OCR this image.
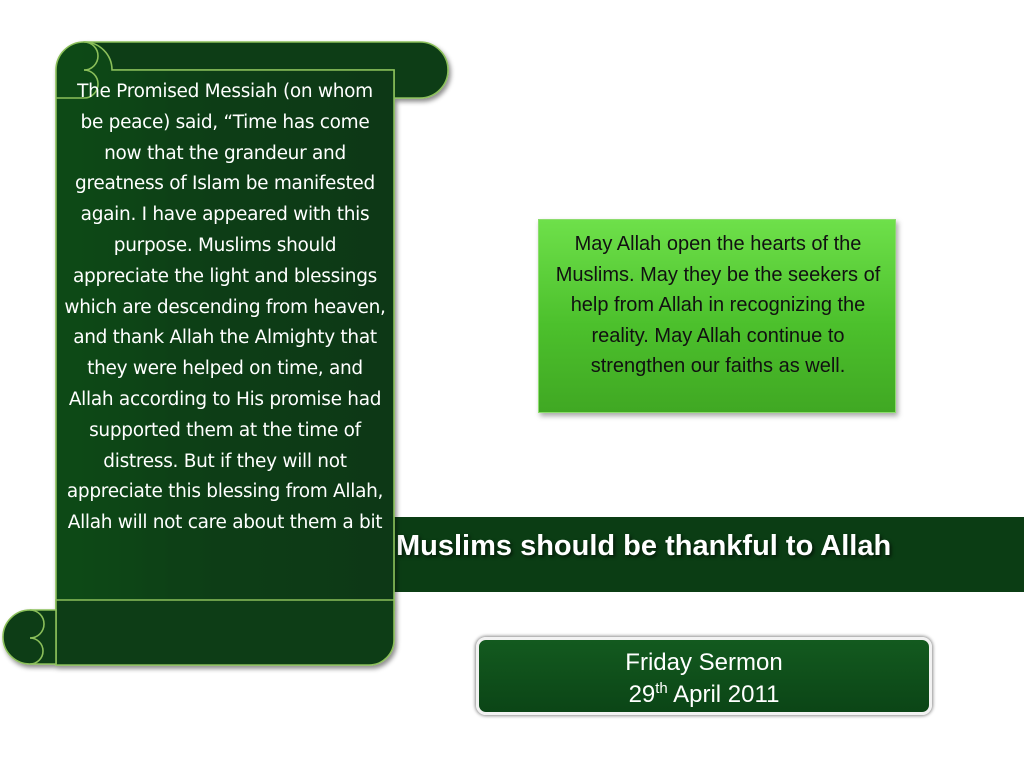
Muslims should be thankful to Allah
The Promised Messiah (on whom be peace) said, “Time has come now that the grandeur and greatness of Islam be manifested again. I have appeared with this purpose. Muslims should appreciate the light and blessings which are descending from heaven, and thank Allah the Almighty that they were helped on time, and Allah according to His promise had supported them at the time of distress. But if they will not appreciate this blessing from Allah, Allah will not care about them a bit
May Allah open the hearts of the Muslims. May they be the seekers of help from Allah in recognizing the reality. May Allah continue to strengthen our faiths as well.
Friday Sermon
29th April 2011
